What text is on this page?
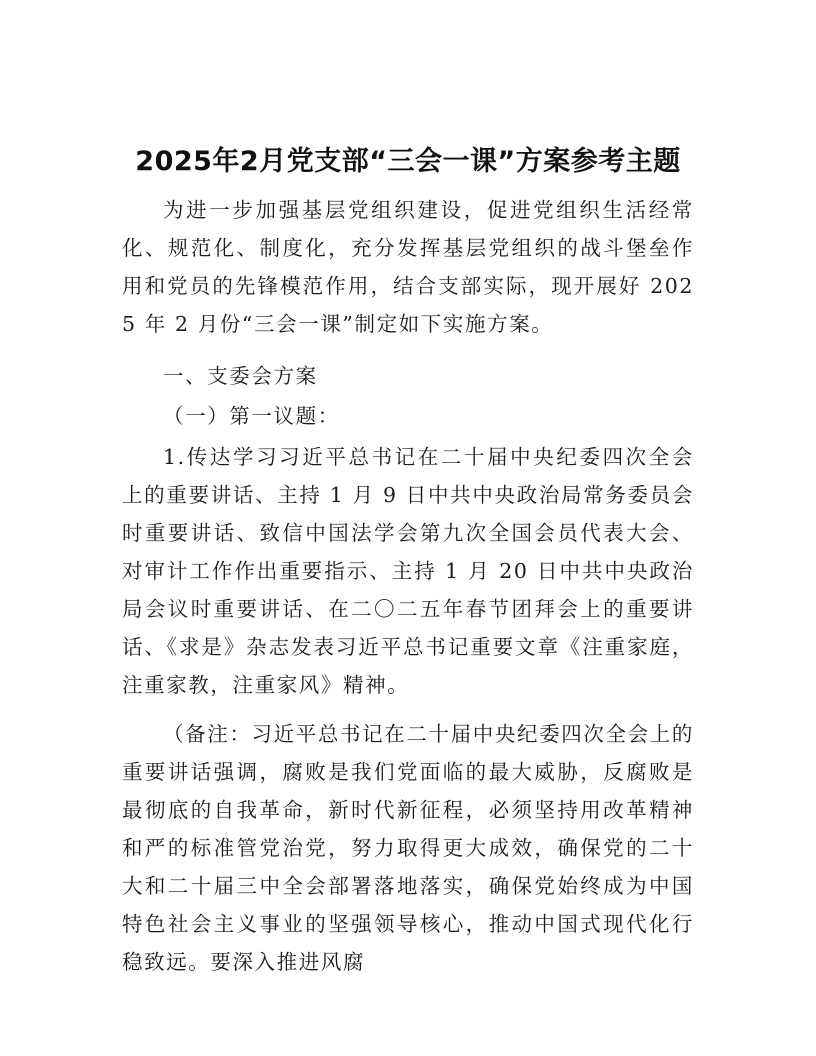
2025年2月党支部“三会一课”方案参考主题

为进一步加强基层党组织建设，促进党组织生活经常化、规范化、制度化，充分发挥基层党组织的战斗堡垒作用和党员的先锋模范作用，结合支部实际，现开展好 2025 年 2 月份“三会一课”制定如下实施方案。

一、支委会方案

（一）第一议题：

1.传达学习习近平总书记在二十届中央纪委四次全会上的重要讲话、主持 1 月 9 日中共中央政治局常务委员会时重要讲话、致信中国法学会第九次全国会员代表大会、对审计工作作出重要指示、主持 1 月 20 日中共中央政治局会议时重要讲话、在二〇二五年春节团拜会上的重要讲话、《求是》杂志发表习近平总书记重要文章《注重家庭，注重家教，注重家风》精神。

（备注：习近平总书记在二十届中央纪委四次全会上的重要讲话强调，腐败是我们党面临的最大威胁，反腐败是最彻底的自我革命，新时代新征程，必须坚持用改革精神和严的标准管党治党，努力取得更大成效，确保党的二十大和二十届三中全会部署落地落实，确保党始终成为中国特色社会主义事业的坚强领导核心，推动中国式现代化行稳致远。要深入推进风腐
